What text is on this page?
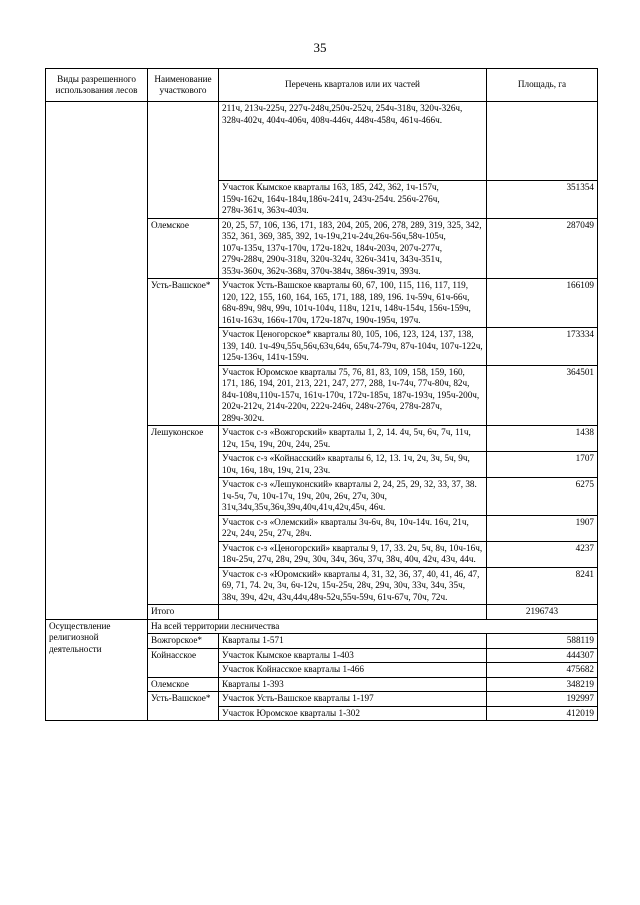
35
Виды разрешенного использования лесов	Наименование участкового	Перечень кварталов или их частей	Площадь, га
		211ч, 213ч-225ч, 227ч-248ч,250ч-252ч, 254ч-318ч, 320ч-326ч, 328ч-402ч, 404ч-406ч, 408ч-446ч, 448ч-458ч, 461ч-466ч.	
		Участок Кымское кварталы 163, 185, 242, 362, 1ч-157ч, 159ч-162ч, 164ч-184ч,186ч-241ч, 243ч-254ч. 256ч-276ч, 278ч-361ч, 363ч-403ч.	351354
	Олемское	20, 25, 57, 106, 136, 171, 183, 204, 205, 206, 278, 289, 319, 325, 342, 352, 361, 369, 385, 392, 1ч-19ч,21ч-24ч,26ч-56ч,58ч-105ч, 107ч-135ч, 137ч-170ч, 172ч-182ч, 184ч-203ч, 207ч-277ч, 279ч-288ч, 290ч-318ч, 320ч-324ч, 326ч-341ч, 343ч-351ч, 353ч-360ч, 362ч-368ч, 370ч-384ч, 386ч-391ч, 393ч.	287049
	Усть-Вашское*	Участок Усть-Вашское кварталы 60, 67, 100, 115, 116, 117, 119, 120, 122, 155, 160, 164, 165, 171, 188, 189, 196. 1ч-59ч, 61ч-66ч, 68ч-89ч, 98ч, 99ч, 101ч-104ч, 118ч, 121ч, 148ч-154ч, 156ч-159ч, 161ч-163ч, 166ч-170ч, 172ч-187ч, 190ч-195ч, 197ч.	166109
		Участок Ценогорское* кварталы 80, 105, 106, 123, 124, 137, 138, 139, 140. 1ч-49ч,55ч,56ч,63ч,64ч, 65ч,74-79ч, 87ч-104ч, 107ч-122ч, 125ч-136ч, 141ч-159ч.	173334
		Участок Юромское кварталы 75, 76, 81, 83, 109, 158, 159, 160, 171, 186, 194, 201, 213, 221, 247, 277, 288, 1ч-74ч, 77ч-80ч, 82ч, 84ч-108ч,110ч-157ч, 161ч-170ч, 172ч-185ч, 187ч-193ч, 195ч-200ч, 202ч-212ч, 214ч-220ч, 222ч-246ч, 248ч-276ч, 278ч-287ч, 289ч-302ч.	364501
	Лешуконское	Участок с-з «Вожгорский» кварталы 1, 2, 14. 4ч, 5ч, 6ч, 7ч, 11ч, 12ч, 15ч, 19ч, 20ч, 24ч, 25ч.	1438
		Участок с-з «Койнасский» кварталы 6, 12, 13. 1ч, 2ч, 3ч, 5ч, 9ч, 10ч, 16ч, 18ч, 19ч, 21ч, 23ч.	1707
		Участок с-з «Лешуконский» кварталы 2, 24, 25, 29, 32, 33, 37, 38. 1ч-5ч, 7ч, 10ч-17ч, 19ч, 20ч, 26ч, 27ч, 30ч, 31ч,34ч,35ч,36ч,39ч,40ч,41ч,42ч,45ч, 46ч.	6275
		Участок с-з «Олемский» кварталы 3ч-6ч, 8ч, 10ч-14ч. 16ч, 21ч, 22ч, 24ч, 25ч, 27ч, 28ч.	1907
		Участок с-з «Ценогорский» кварталы 9, 17, 33. 2ч, 5ч, 8ч, 10ч-16ч, 18ч-25ч, 27ч, 28ч, 29ч, 30ч, 34ч, 36ч, 37ч, 38ч, 40ч, 42ч, 43ч, 44ч.	4237
		Участок с-з «Юромский» кварталы 4, 31, 32, 36, 37, 40, 41, 46, 47, 69, 71, 74. 2ч, 3ч, 6ч-12ч, 15ч-25ч, 28ч, 29ч, 30ч, 33ч, 34ч, 35ч, 38ч, 39ч, 42ч, 43ч,44ч,48ч-52ч,55ч-59ч, 61ч-67ч, 70ч, 72ч.	8241
	Итого		2196743
Осуществление религиозной деятельности	На всей территории лесничества		
	Вожгорское*	Кварталы 1-571	588119
	Койнасское	Участок Кымское кварталы 1-403	444307
		Участок Койнасское кварталы 1-466	475682
	Олемское	Кварталы 1-393	348219
	Усть-Вашское*	Участок Усть-Вашское кварталы 1-197	192997
		Участок Юромское кварталы 1-302	412019
